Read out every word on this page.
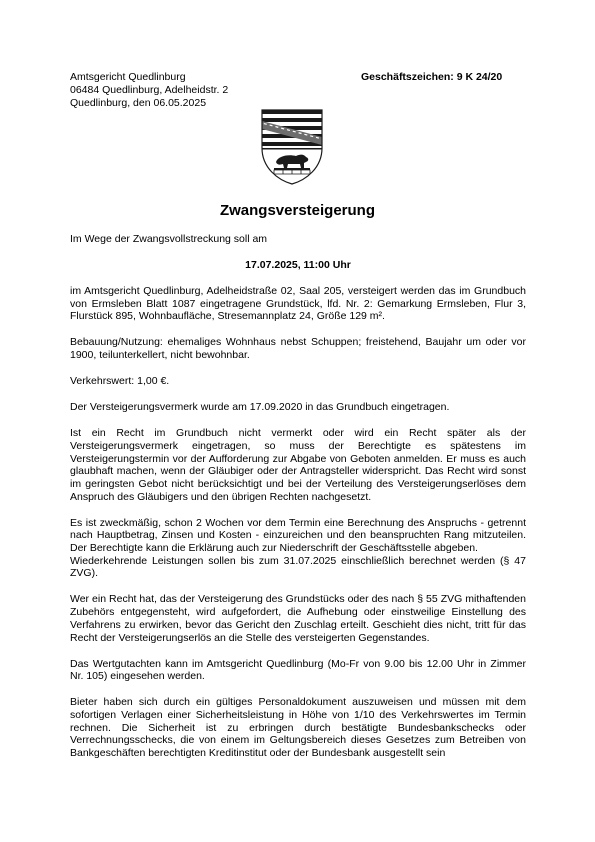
Amtsgericht Quedlinburg
06484 Quedlinburg, Adelheidstr. 2
Quedlinburg, den 06.05.2025
Geschäftszeichen: 9 K 24/20
Zwangsversteigerung

Im Wege der Zwangsvollstreckung soll am

17.07.2025, 11:00 Uhr

im Amtsgericht Quedlinburg, Adelheidstraße 02, Saal 205, versteigert werden das im Grundbuch von Ermsleben Blatt 1087 eingetragene Grundstück, lfd. Nr. 2: Gemarkung Ermsleben, Flur 3, Flurstück 895, Wohnbaufläche, Stresemannplatz 24, Größe 129 m².

Bebauung/Nutzung: ehemaliges Wohnhaus nebst Schuppen; freistehend, Baujahr um oder vor 1900, teilunterkellert, nicht bewohnbar.

Verkehrswert: 1,00 €.

Der Versteigerungsvermerk wurde am 17.09.2020 in das Grundbuch eingetragen.

Ist ein Recht im Grundbuch nicht vermerkt oder wird ein Recht später als der Versteigerungsvermerk eingetragen, so muss der Berechtigte es spätestens im Versteigerungstermin vor der Aufforderung zur Abgabe von Geboten anmelden. Er muss es auch glaubhaft machen, wenn der Gläubiger oder der Antragsteller widerspricht. Das Recht wird sonst im geringsten Gebot nicht berücksichtigt und bei der Verteilung des Versteigerungserlöses dem Anspruch des Gläubigers und den übrigen Rechten nachgesetzt.

Es ist zweckmäßig, schon 2 Wochen vor dem Termin eine Berechnung des Anspruchs - getrennt nach Hauptbetrag, Zinsen und Kosten - einzureichen und den beanspruchten Rang mitzuteilen. Der Berechtigte kann die Erklärung auch zur Niederschrift der Geschäftsstelle abgeben.

Wiederkehrende Leistungen sollen bis zum 31.07.2025 einschließlich berechnet werden (§ 47 ZVG).

Wer ein Recht hat, das der Versteigerung des Grundstücks oder des nach § 55 ZVG mithaftenden Zubehörs entgegensteht, wird aufgefordert, die Aufhebung oder einstweilige Einstellung des Verfahrens zu erwirken, bevor das Gericht den Zuschlag erteilt. Geschieht dies nicht, tritt für das Recht der Versteigerungserlös an die Stelle des versteigerten Gegenstandes.

Das Wertgutachten kann im Amtsgericht Quedlinburg (Mo-Fr von 9.00 bis 12.00 Uhr in Zimmer Nr. 105) eingesehen werden.

Bieter haben sich durch ein gültiges Personaldokument auszuweisen und müssen mit dem sofortigen Verlagen einer Sicherheitsleistung in Höhe von 1/10 des Verkehrswertes im Termin rechnen. Die Sicherheit ist zu erbringen durch bestätigte Bundesbankschecks oder Verrechnungsschecks, die von einem im Geltungsbereich dieses Gesetzes zum Betreiben von Bankgeschäften berechtigten Kreditinstitut oder der Bundesbank ausgestellt sein
